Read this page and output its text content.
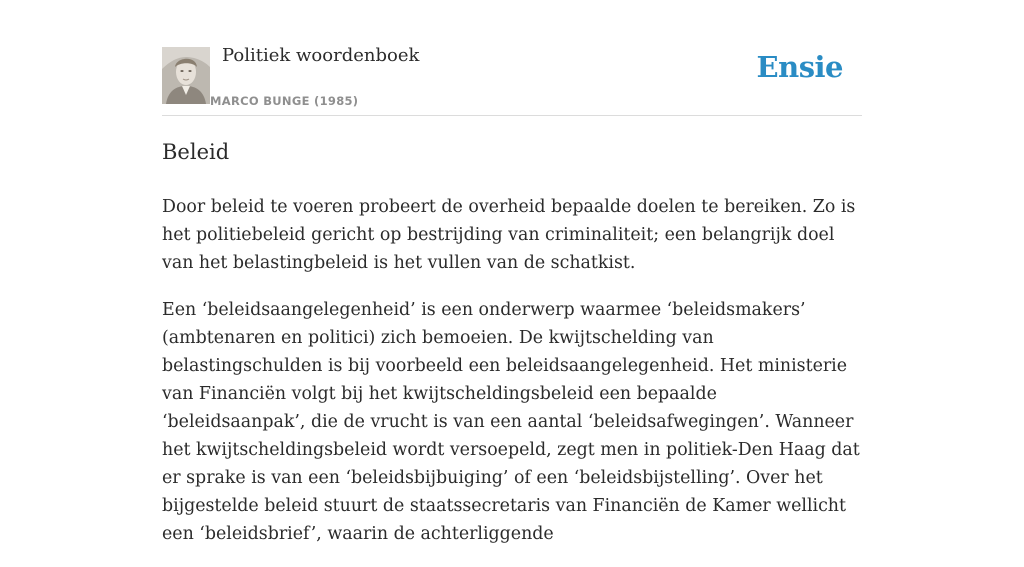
Politiek woordenboek
MARCO BUNGE (1985)
Ensie
Beleid

Door beleid te voeren probeert de overheid bepaalde doelen te bereiken. Zo is het politiebeleid gericht op bestrijding van criminaliteit; een belangrijk doel van het belastingbeleid is het vullen van de schatkist.

Een ‘beleidsaangelegenheid’ is een onderwerp waarmee ‘beleidsmakers’ (ambtenaren en politici) zich bemoeien. De kwijtschelding van belastingschulden is bij voorbeeld een beleidsaangelegenheid. Het ministerie van Financiën volgt bij het kwijtscheldingsbeleid een bepaalde ‘beleidsaanpak’, die de vrucht is van een aantal ‘beleidsafwegingen’. Wanneer het kwijtscheldingsbeleid wordt versoepeld, zegt men in politiek-Den Haag dat er sprake is van een ‘beleidsbijbuiging’ of een ‘beleidsbijstelling’. Over het bijgestelde beleid stuurt de staatssecretaris van Financiën de Kamer wellicht een ‘beleidsbrief’, waarin de achterliggende
